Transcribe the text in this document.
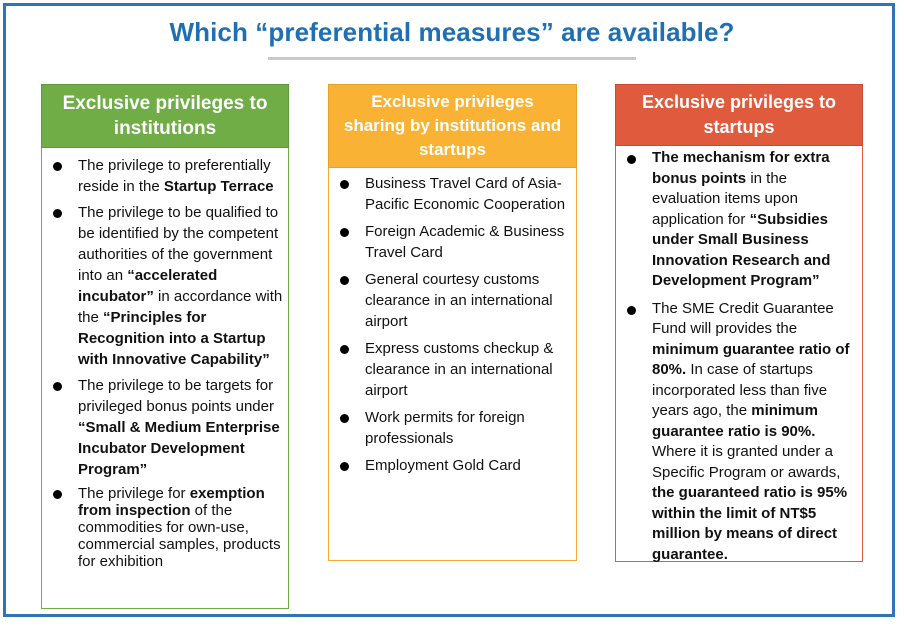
Which “preferential measures” are available?
Exclusive privileges to institutions
The privilege to preferentially reside in the Startup Terrace
The privilege to be qualified to be identified by the competent authorities of the government into an “accelerated incubator” in accordance with the “Principles for Recognition into a Startup with Innovative Capability”
The privilege to be targets for privileged bonus points under “Small & Medium Enterprise Incubator Development Program”
The privilege for exemption from inspection of the commodities for own-use, commercial samples, products for exhibition
Exclusive privileges sharing by institutions and startups
Business Travel Card of Asia-Pacific Economic Cooperation
Foreign Academic & Business Travel Card
General courtesy customs clearance in an international airport
Express customs checkup & clearance in an international airport
Work permits for foreign professionals
Employment Gold Card
Exclusive privileges to startups
The mechanism for extra bonus points in the evaluation items upon application for “Subsidies under Small Business Innovation Research and Development Program”
The SME Credit Guarantee Fund will provides the minimum guarantee ratio of 80%. In case of startups incorporated less than five years ago, the minimum guarantee ratio is 90%. Where it is granted under a Specific Program or awards, the guaranteed ratio is 95% within the limit of NT$5 million by means of direct guarantee.
